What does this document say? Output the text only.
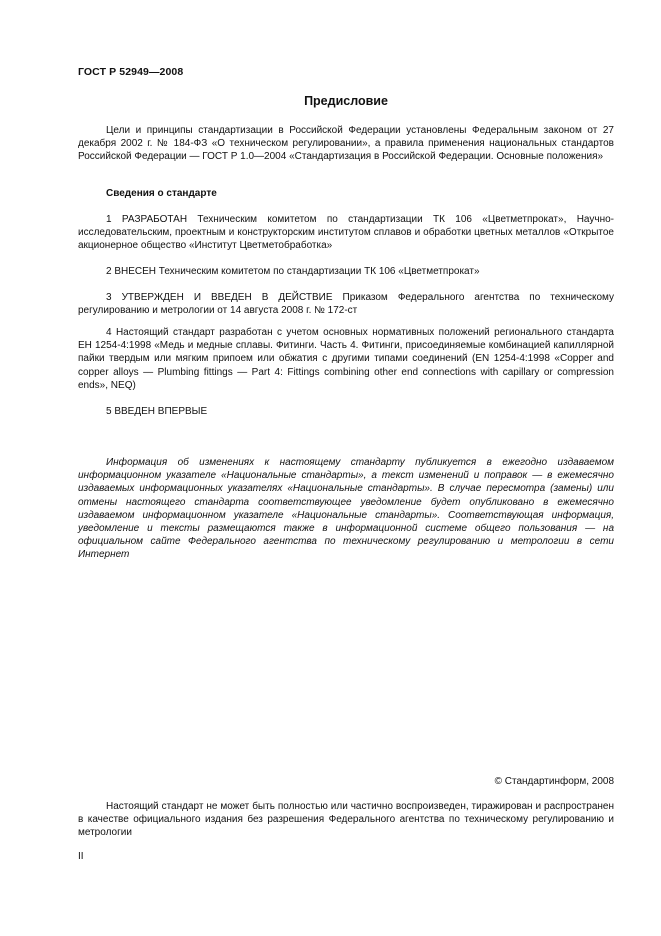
ГОСТ Р 52949—2008
Предисловие

Цели и принципы стандартизации в Российской Федерации установлены Федеральным законом от 27 декабря 2002 г. № 184-ФЗ «О техническом регулировании», а правила применения национальных стандартов Российской Федерации — ГОСТ Р 1.0—2004 «Стандартизация в Российской Федерации. Основные положения»

Сведения о стандарте

1 РАЗРАБОТАН Техническим комитетом по стандартизации ТК 106 «Цветметпрокат», Научно-исследовательским, проектным и конструкторским институтом сплавов и обработки цветных металлов «Открытое акционерное общество «Институт Цветметобработка»

2 ВНЕСЕН Техническим комитетом по стандартизации ТК 106 «Цветметпрокат»

3 УТВЕРЖДЕН И ВВЕДЕН В ДЕЙСТВИЕ Приказом Федерального агентства по техническому регулированию и метрологии от 14 августа 2008 г. № 172-ст

4 Настоящий стандарт разработан с учетом основных нормативных положений регионального стандарта ЕН 1254-4:1998 «Медь и медные сплавы. Фитинги. Часть 4. Фитинги, присоединяемые комбинацией капиллярной пайки твердым или мягким припоем или обжатия с другими типами соединений (EN 1254-4:1998 «Copper and copper alloys — Plumbing fittings — Part 4: Fittings combining other end connections with capillary or compression ends», NEQ)

5 ВВЕДЕН ВПЕРВЫЕ

Информация об изменениях к настоящему стандарту публикуется в ежегодно издаваемом информационном указателе «Национальные стандарты», а текст изменений и поправок — в ежемесячно издаваемых информационных указателях «Национальные стандарты». В случае пересмотра (замены) или отмены настоящего стандарта соответствующее уведомление будет опубликовано в ежемесячно издаваемом информационном указателе «Национальные стандарты». Соответствующая информация, уведомление и тексты размещаются также в информационной системе общего пользования — на официальном сайте Федерального агентства по техническому регулированию и метрологии в сети Интернет

© Стандартинформ, 2008

Настоящий стандарт не может быть полностью или частично воспроизведен, тиражирован и распространен в качестве официального издания без разрешения Федерального агентства по техническому регулированию и метрологии

II
